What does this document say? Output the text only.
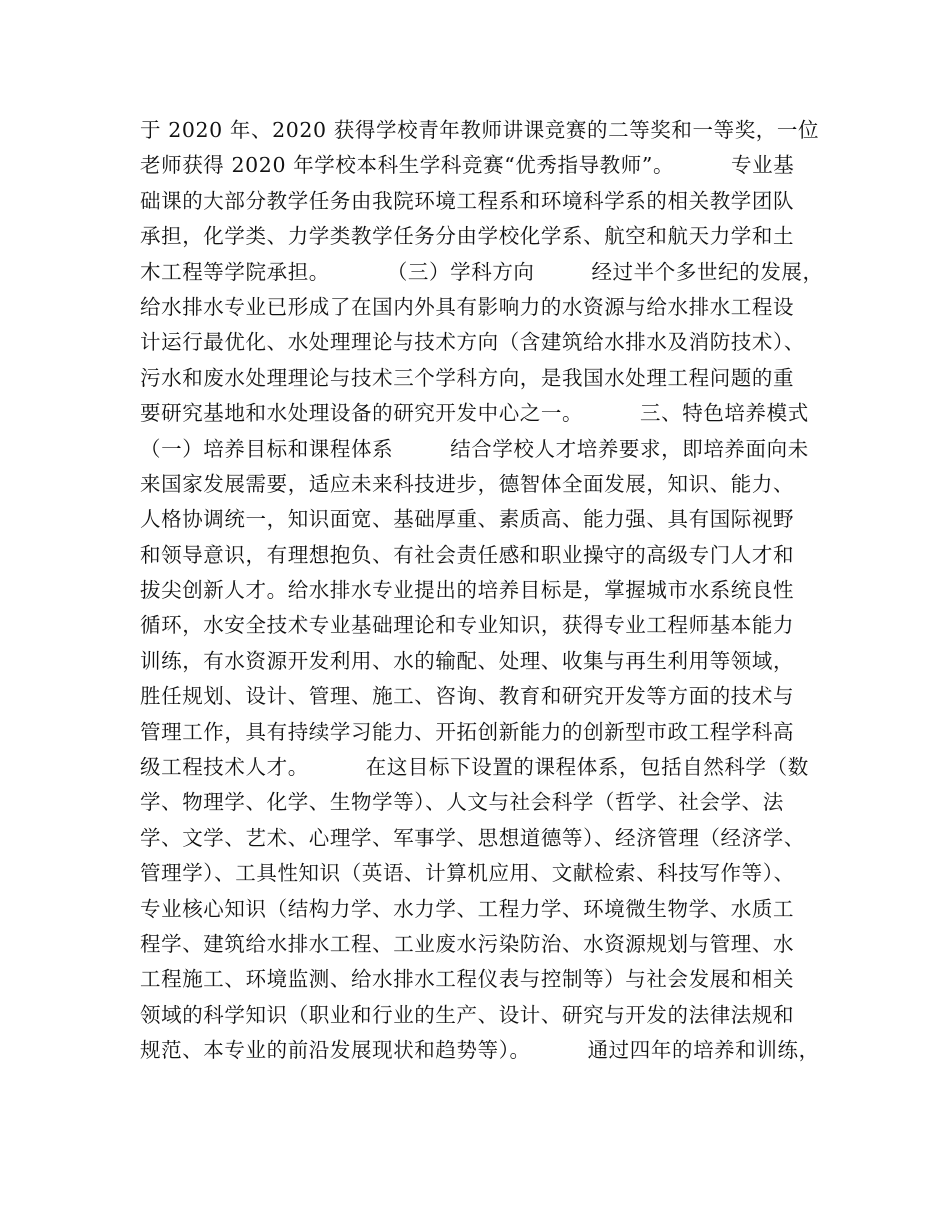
于 2020 年、2020 获得学校青年教师讲课竞赛的二等奖和一等奖，一位
老师获得 2020 年学校本科生学科竞赛“优秀指导教师”。        专业基
础课的大部分教学任务由我院环境工程系和环境科学系的相关教学团队
承担，化学类、力学类教学任务分由学校化学系、航空和航天力学和土
木工程等学院承担。        （三）学科方向        经过半个多世纪的发展，
给水排水专业已形成了在国内外具有影响力的水资源与给水排水工程设
计运行最优化、水处理理论与技术方向（含建筑给水排水及消防技术）、
污水和废水处理理论与技术三个学科方向，是我国水处理工程问题的重
要研究基地和水处理设备的研究开发中心之一。        三、特色培养模式
（一）培养目标和课程体系        结合学校人才培养要求，即培养面向未
来国家发展需要，适应未来科技进步，德智体全面发展，知识、能力、
人格协调统一，知识面宽、基础厚重、素质高、能力强、具有国际视野
和领导意识，有理想抱负、有社会责任感和职业操守的高级专门人才和
拔尖创新人才。给水排水专业提出的培养目标是，掌握城市水系统良性
循环，水安全技术专业基础理论和专业知识，获得专业工程师基本能力
训练，有水资源开发利用、水的输配、处理、收集与再生利用等领域，
胜任规划、设计、管理、施工、咨询、教育和研究开发等方面的技术与
管理工作，具有持续学习能力、开拓创新能力的创新型市政工程学科高
级工程技术人才。        在这目标下设置的课程体系，包括自然科学（数
学、物理学、化学、生物学等）、人文与社会科学（哲学、社会学、法
学、文学、艺术、心理学、军事学、思想道德等）、经济管理（经济学、
管理学）、工具性知识（英语、计算机应用、文献检索、科技写作等）、
专业核心知识（结构力学、水力学、工程力学、环境微生物学、水质工
程学、建筑给水排水工程、工业废水污染防治、水资源规划与管理、水
工程施工、环境监测、给水排水工程仪表与控制等）与社会发展和相关
领域的科学知识（职业和行业的生产、设计、研究与开发的法律法规和
规范、本专业的前沿发展现状和趋势等）。        通过四年的培养和训练，
